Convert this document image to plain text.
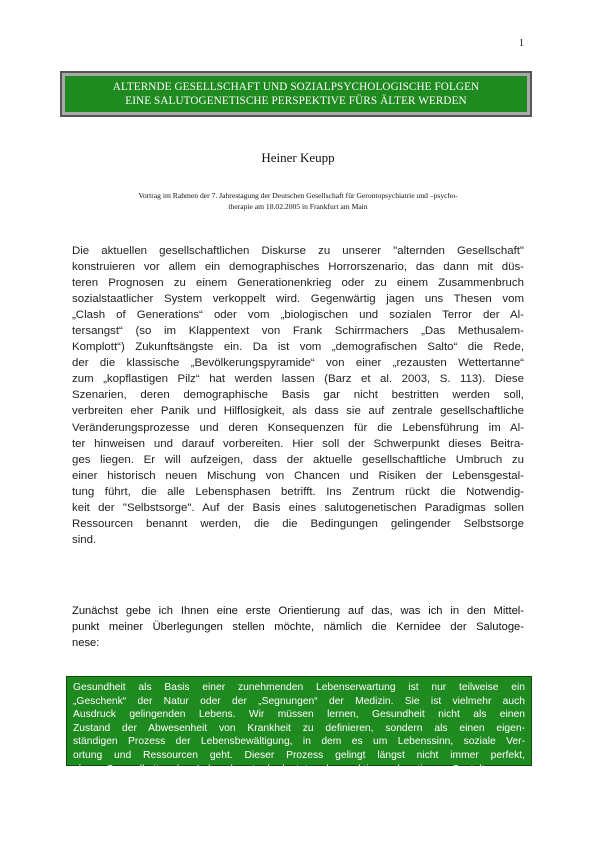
1
ALTERNDE GESELLSCHAFT UND SOZIALPSYCHOLOGISCHE FOLGEN
EINE SALUTOGENETISCHE PERSPEKTIVE FÜRS ÄLTER WERDEN
Heiner Keupp
Vortrag im Rahmen der 7. Jahrestagung der Deutschen Gesellschaft für Gerontopsychiatrie und –psycho-
therapie am 18.02.2005 in Frankfurt am Main
Die aktuellen gesellschaftlichen Diskurse zu unserer "alternden Gesellschaft"
konstruieren vor allem ein demographisches Horrorszenario, das dann mit düs-
teren Prognosen zu einem Generationenkrieg oder zu einem Zusammenbruch
sozialstaatlicher System verkoppelt wird. Gegenwärtig jagen uns Thesen vom
„Clash of Generations“ oder vom „biologischen und sozialen Terror der Al-
tersangst“ (so im Klappentext von Frank Schirrmachers „Das Methusalem-
Komplott“) Zukunftsängste ein. Da ist vom „demografischen Salto“ die Rede,
der die klassische „Bevölkerungspyramide“ von einer „rezausten Wettertanne“
zum „kopflastigen Pilz“ hat werden lassen (Barz et al. 2003, S. 113). Diese
Szenarien, deren demographische Basis gar nicht bestritten werden soll,
verbreiten eher Panik und Hilflosigkeit, als dass sie auf zentrale gesellschaftliche
Veränderungsprozesse und deren Konsequenzen für die Lebensführung im Al-
ter hinweisen und darauf vorbereiten. Hier soll der Schwerpunkt dieses Beitra-
ges liegen. Er will aufzeigen, dass der aktuelle gesellschaftliche Umbruch zu
einer historisch neuen Mischung von Chancen und Risiken der Lebensgestal-
tung führt, die alle Lebensphasen betrifft. Ins Zentrum rückt die Notwendig-
keit der "Selbstsorge". Auf der Basis eines salutogenetischen Paradigmas sollen
Ressourcen benannt werden, die die Bedingungen gelingender Selbstsorge
sind.
Zunächst gebe ich Ihnen eine erste Orientierung auf das, was ich in den Mittel-
punkt meiner Überlegungen stellen möchte, nämlich die Kernidee der Salutoge-
nese:
Gesundheit als Basis einer zunehmenden Lebenserwartung ist nur teilweise ein
„Geschenk“ der Natur oder der „Segnungen“ der Medizin. Sie ist vielmehr auch
Ausdruck gelingenden Lebens. Wir müssen lernen, Gesundheit nicht als einen
Zustand der Abwesenheit von Krankheit zu definieren, sondern als einen eigen-
ständigen Prozess der Lebensbewältigung, in dem es um Lebenssinn, soziale Ver-
ortung und Ressourcen geht. Dieser Prozess gelingt längst nicht immer perfekt,
aber Gesundheit als Lebenskunst bedeutet, den aktiven kreativen Gestaltungspro-
